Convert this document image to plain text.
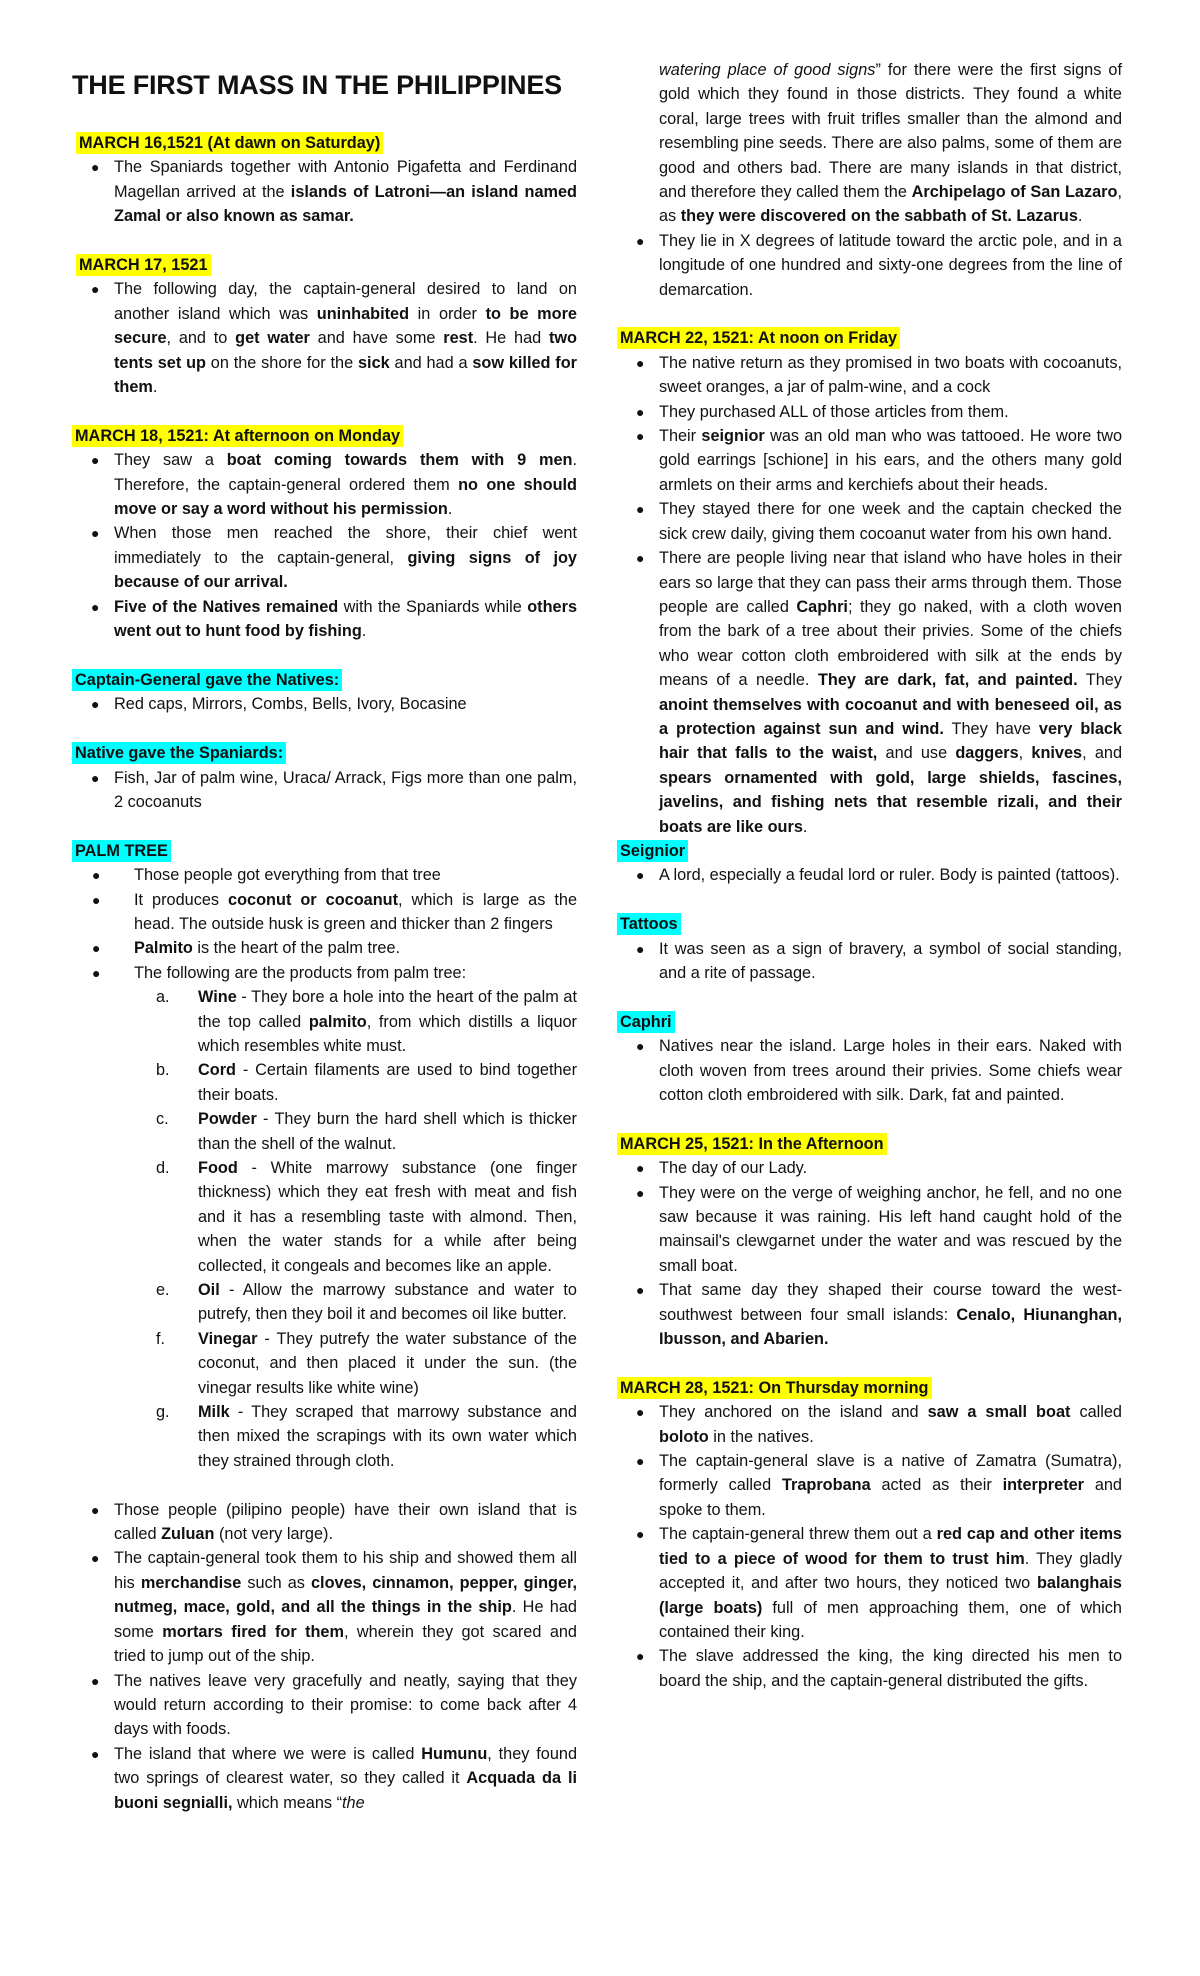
THE FIRST MASS IN THE PHILIPPINES
MARCH 16,1521 (At dawn on Saturday)
● The Spaniards together with Antonio Pigafetta and Ferdinand Magellan arrived at the islands of Latroni—an island named Zamal or also known as samar.
MARCH 17, 1521
● The following day, the captain-general desired to land on another island which was uninhabited in order to be more secure, and to get water and have some rest. He had two tents set up on the shore for the sick and had a sow killed for them.
MARCH 18, 1521: At afternoon on Monday
● They saw a boat coming towards them with 9 men. Therefore, the captain-general ordered them no one should move or say a word without his permission.
● When those men reached the shore, their chief went immediately to the captain-general, giving signs of joy because of our arrival.
● Five of the Natives remained with the Spaniards while others went out to hunt food by fishing.
Captain-General gave the Natives:
● Red caps, Mirrors, Combs, Bells, Ivory, Bocasine
Native gave the Spaniards:
● Fish, Jar of palm wine, Uraca/ Arrack, Figs more than one palm, 2 cocoanuts
PALM TREE
● Those people got everything from that tree
● It produces coconut or cocoanut, which is large as the head. The outside husk is green and thicker than 2 fingers
● Palmito is the heart of the palm tree.
● The following are the products from palm tree:
a. Wine - They bore a hole into the heart of the palm at the top called palmito, from which distills a liquor which resembles white must.
b. Cord - Certain filaments are used to bind together their boats.
c. Powder - They burn the hard shell which is thicker than the shell of the walnut.
d. Food - White marrowy substance (one finger thickness) which they eat fresh with meat and fish and it has a resembling taste with almond. Then, when the water stands for a while after being collected, it congeals and becomes like an apple.
e. Oil - Allow the marrowy substance and water to putrefy, then they boil it and becomes oil like butter.
f. Vinegar - They putrefy the water substance of the coconut, and then placed it under the sun. (the vinegar results like white wine)
g. Milk - They scraped that marrowy substance and then mixed the scrapings with its own water which they strained through cloth.
● Those people (pilipino people) have their own island that is called Zuluan (not very large).
● The captain-general took them to his ship and showed them all his merchandise such as cloves, cinnamon, pepper, ginger, nutmeg, mace, gold, and all the things in the ship. He had some mortars fired for them, wherein they got scared and tried to jump out of the ship.
● The natives leave very gracefully and neatly, saying that they would return according to their promise: to come back after 4 days with foods.
● The island that where we were is called Humunu, they found two springs of clearest water, so they called it Acquada da li buoni segnialli, which means “the
watering place of good signs” for there were the first signs of gold which they found in those districts. They found a white coral, large trees with fruit trifles smaller than the almond and resembling pine seeds. There are also palms, some of them are good and others bad. There are many islands in that district, and therefore they called them the Archipelago of San Lazaro, as they were discovered on the sabbath of St. Lazarus.
● They lie in X degrees of latitude toward the arctic pole, and in a longitude of one hundred and sixty-one degrees from the line of demarcation.
MARCH 22, 1521: At noon on Friday
● The native return as they promised in two boats with cocoanuts, sweet oranges, a jar of palm-wine, and a cock
● They purchased ALL of those articles from them.
● Their seignior was an old man who was tattooed. He wore two gold earrings [schione] in his ears, and the others many gold armlets on their arms and kerchiefs about their heads.
● They stayed there for one week and the captain checked the sick crew daily, giving them cocoanut water from his own hand.
● There are people living near that island who have holes in their ears so large that they can pass their arms through them. Those people are called Caphri; they go naked, with a cloth woven from the bark of a tree about their privies. Some of the chiefs who wear cotton cloth embroidered with silk at the ends by means of a needle. They are dark, fat, and painted. They anoint themselves with cocoanut and with beneseed oil, as a protection against sun and wind. They have very black hair that falls to the waist, and use daggers, knives, and spears ornamented with gold, large shields, fascines, javelins, and fishing nets that resemble rizali, and their boats are like ours.
Seignior
● A lord, especially a feudal lord or ruler. Body is painted (tattoos).
Tattoos
● It was seen as a sign of bravery, a symbol of social standing, and a rite of passage.
Caphri
● Natives near the island. Large holes in their ears. Naked with cloth woven from trees around their privies. Some chiefs wear cotton cloth embroidered with silk. Dark, fat and painted.
MARCH 25, 1521: In the Afternoon
● The day of our Lady.
● They were on the verge of weighing anchor, he fell, and no one saw because it was raining. His left hand caught hold of the mainsail's clewgarnet under the water and was rescued by the small boat.
● That same day they shaped their course toward the west-southwest between four small islands: Cenalo, Hiunanghan, Ibusson, and Abarien.
MARCH 28, 1521: On Thursday morning
● They anchored on the island and saw a small boat called boloto in the natives.
● The captain-general slave is a native of Zamatra (Sumatra), formerly called Traprobana acted as their interpreter and spoke to them.
● The captain-general threw them out a red cap and other items tied to a piece of wood for them to trust him. They gladly accepted it, and after two hours, they noticed two balanghais (large boats) full of men approaching them, one of which contained their king.
● The slave addressed the king, the king directed his men to board the ship, and the captain-general distributed the gifts.
